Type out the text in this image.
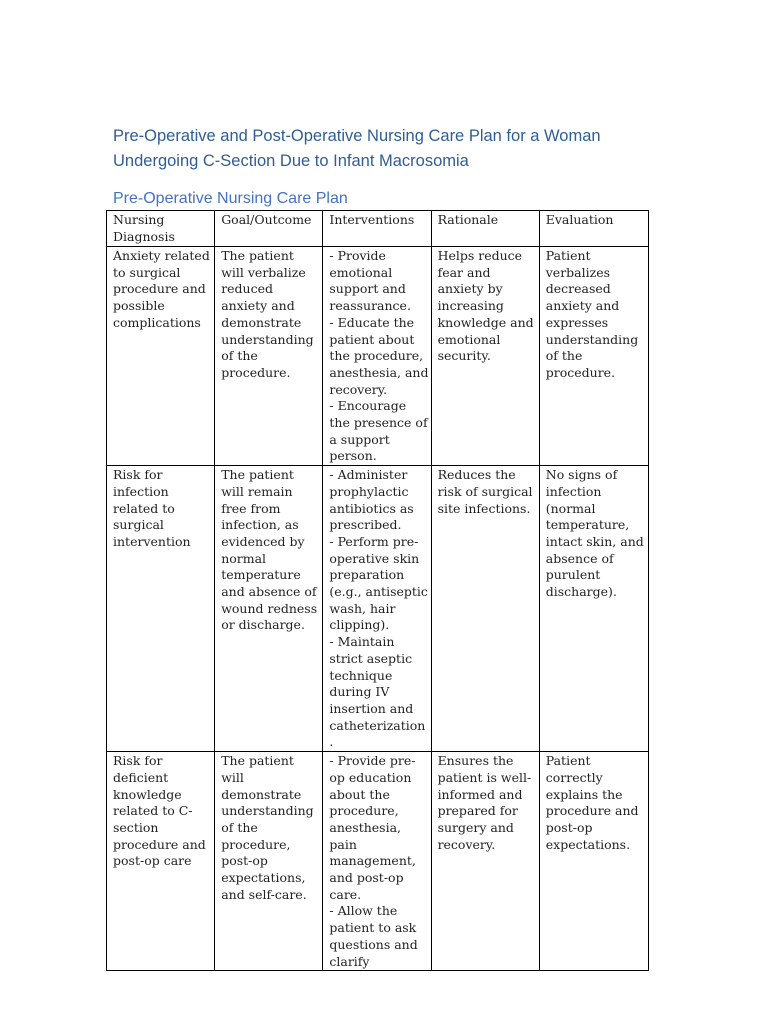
Pre-Operative and Post-Operative Nursing Care Plan for a Woman
Undergoing C-Section Due to Infant Macrosomia
Pre-Operative Nursing Care Plan
Nursing Diagnosis	Goal/Outcome	Interventions	Rationale	Evaluation
Anxiety related to surgical procedure and possible complications	The patient will verbalize reduced anxiety and demonstrate understanding of the procedure.	- Provide emotional support and reassurance.
- Educate the patient about the procedure, anesthesia, and recovery.
- Encourage the presence of a support person.	Helps reduce fear and anxiety by increasing knowledge and emotional security.	Patient verbalizes decreased anxiety and expresses understanding of the procedure.
Risk for infection related to surgical intervention	The patient will remain free from infection, as evidenced by normal temperature and absence of wound redness or discharge.	- Administer prophylactic antibiotics as prescribed.
- Perform pre-operative skin preparation (e.g., antiseptic wash, hair clipping).
- Maintain strict aseptic technique during IV insertion and catheterization.	Reduces the risk of surgical site infections.	No signs of infection (normal temperature, intact skin, and absence of purulent discharge).
Risk for deficient knowledge related to C-section procedure and post-op care	The patient will demonstrate understanding of the procedure, post-op expectations, and self-care.	- Provide pre-op education about the procedure, anesthesia, pain management, and post-op care.
- Allow the patient to ask questions and clarify	Ensures the patient is well-informed and prepared for surgery and recovery.	Patient correctly explains the procedure and post-op expectations.
